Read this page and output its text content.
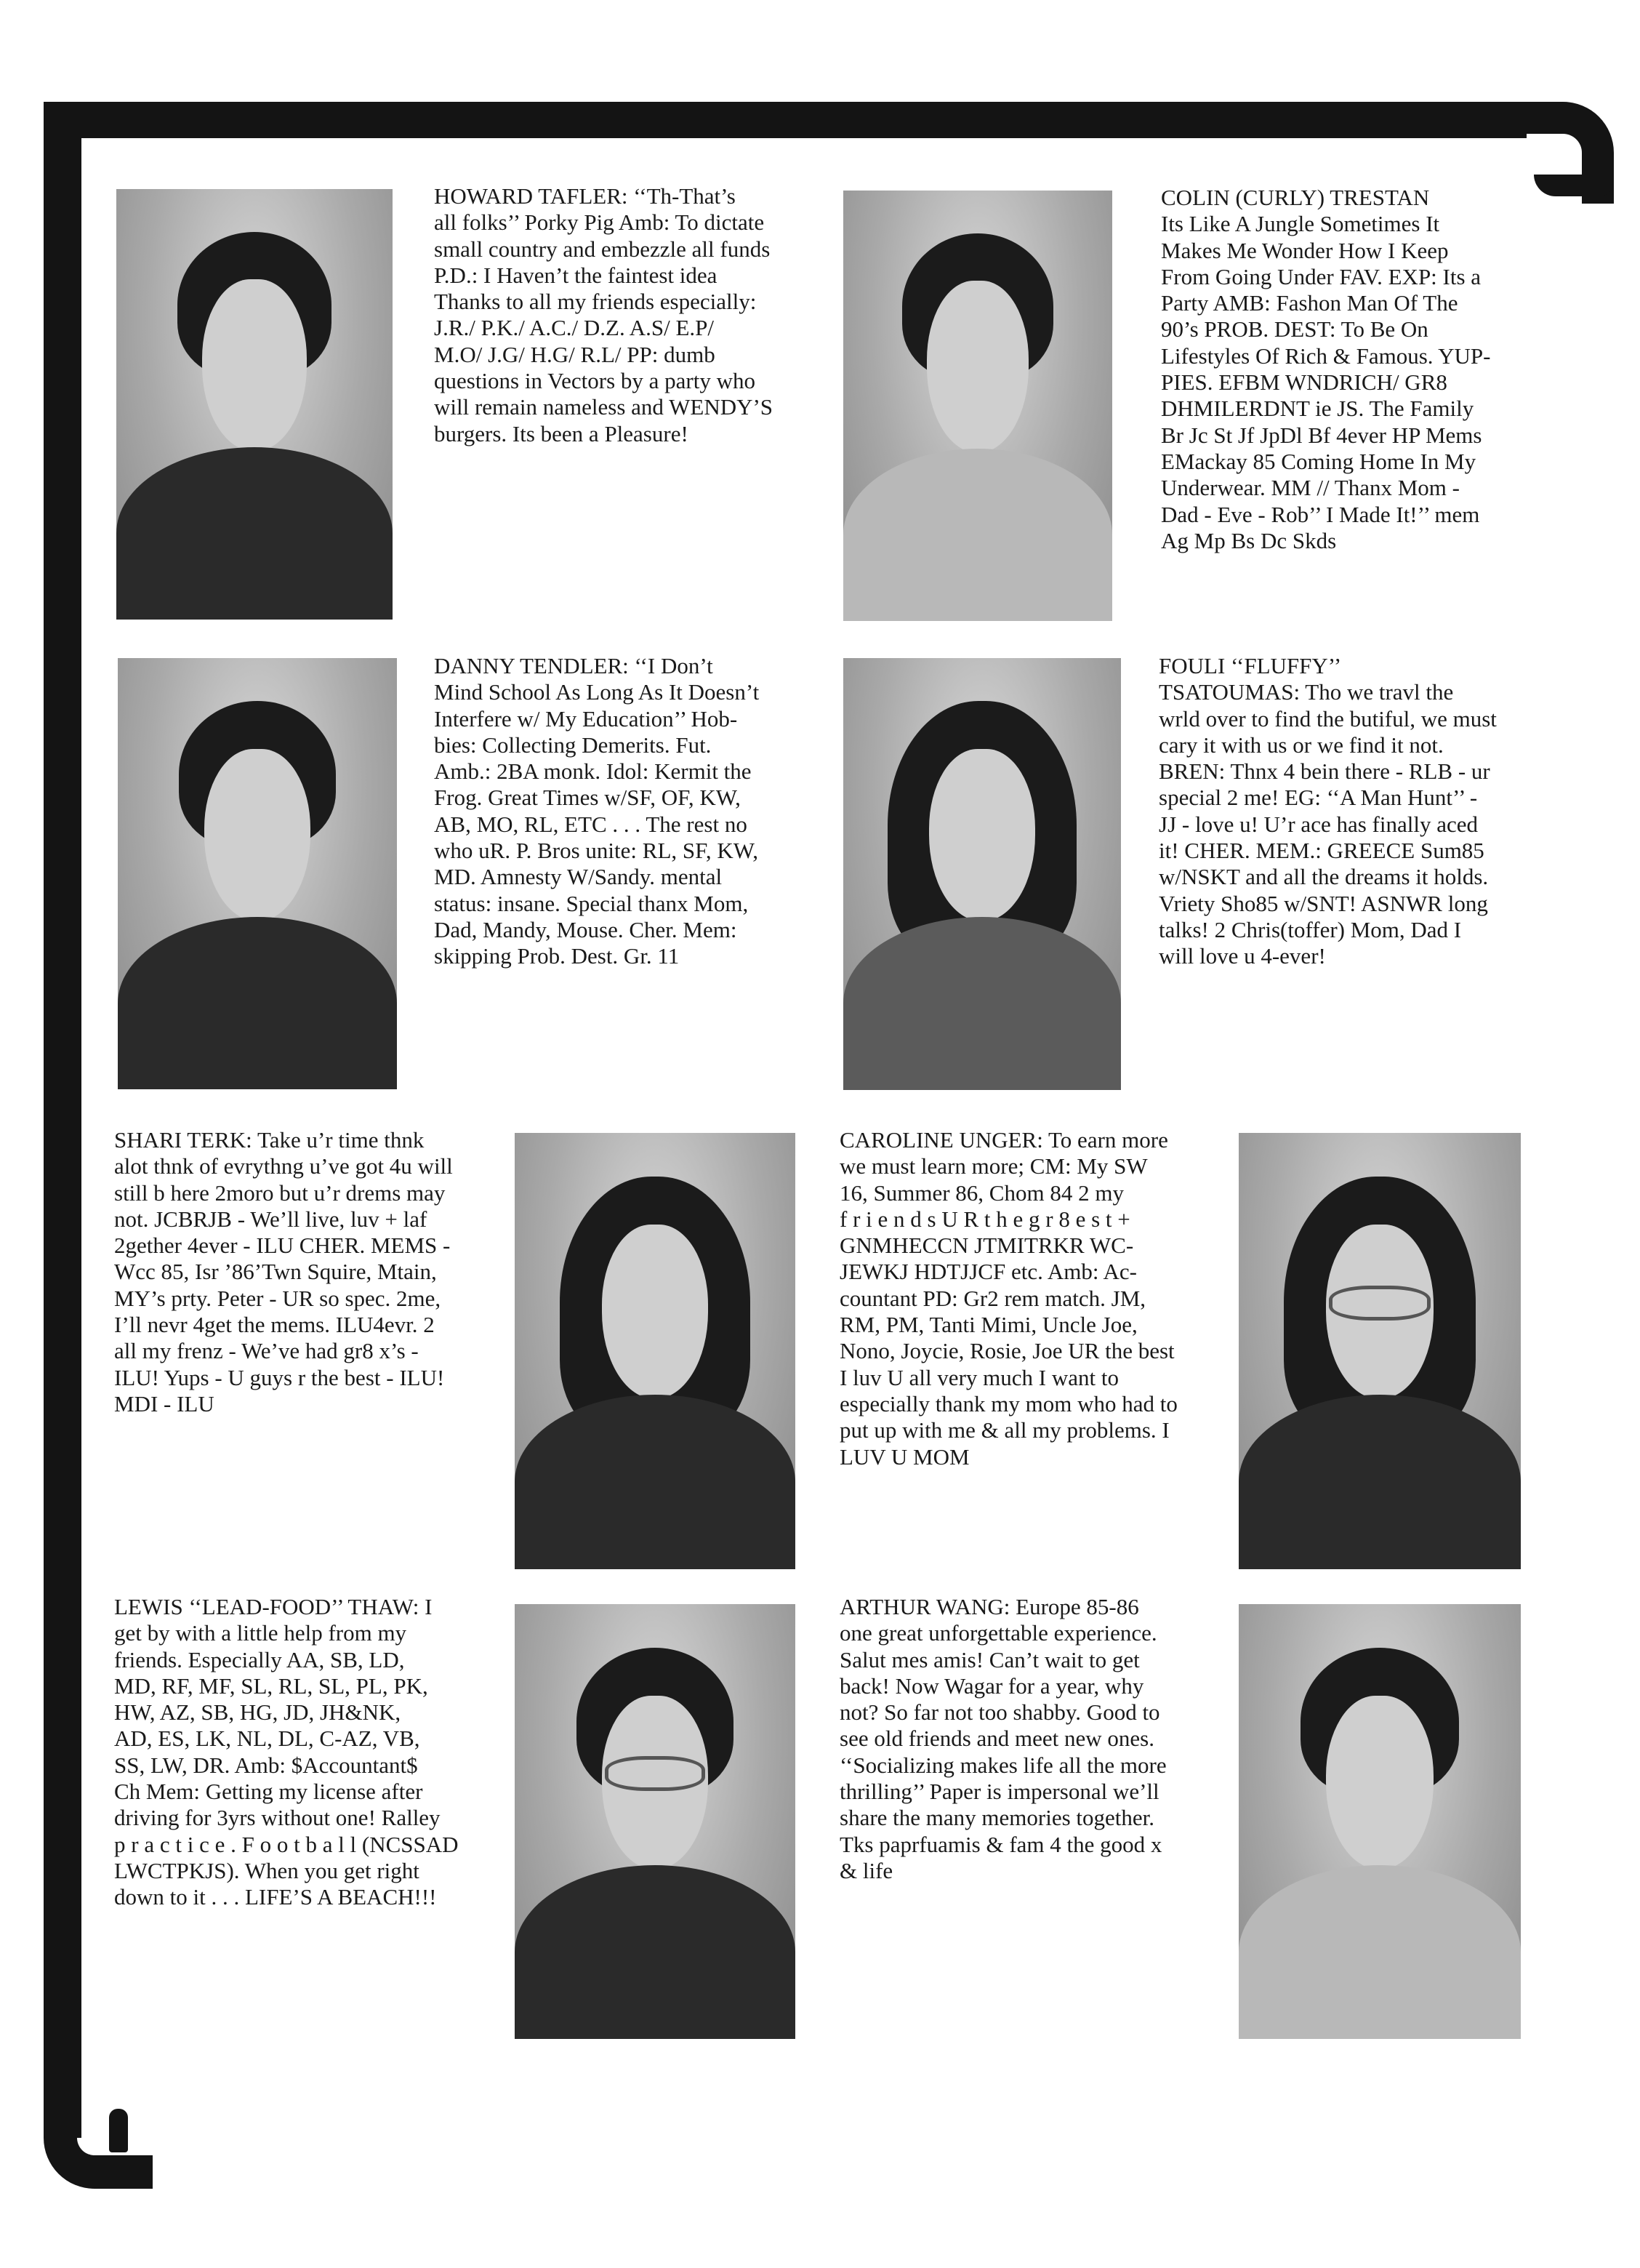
HOWARD TAFLER: ‘‘Th-That’s
all folks’’ Porky Pig Amb: To dictate
small country and embezzle all funds
P.D.: I Haven’t the faintest idea
Thanks to all my friends especially:
J.R./ P.K./ A.C./ D.Z. A.S/ E.P/
M.O/ J.G/ H.G/ R.L/ PP: dumb
questions in Vectors by a party who
will remain nameless and WENDY’S
burgers. Its been a Pleasure!

COLIN (CURLY) TRESTAN
Its Like A Jungle Sometimes It
Makes Me Wonder How I Keep
From Going Under FAV. EXP: Its a
Party AMB: Fashon Man Of The
90’s PROB. DEST: To Be On
Lifestyles Of Rich & Famous. YUP-
PIES. EFBM WNDRICH/ GR8
DHMILERDNT ie JS. The Family
Br Jc St Jf JpDl Bf 4ever HP Mems
EMackay 85 Coming Home In My
Underwear. MM // Thanx Mom -
Dad - Eve - Rob’’ I Made It!’’ mem
Ag Mp Bs Dc Skds

DANNY TENDLER: ‘‘I Don’t
Mind School As Long As It Doesn’t
Interfere w/ My Education’’ Hob-
bies: Collecting Demerits. Fut.
Amb.: 2BA monk. Idol: Kermit the
Frog. Great Times w/SF, OF, KW,
AB, MO, RL, ETC . . . The rest no
who uR. P. Bros unite: RL, SF, KW,
MD. Amnesty W/Sandy. mental
status: insane. Special thanx Mom,
Dad, Mandy, Mouse. Cher. Mem:
skipping Prob. Dest. Gr. 11

FOULI ‘‘FLUFFY’’
TSATOUMAS: Tho we travl the
wrld over to find the butiful, we must
cary it with us or we find it not.
BREN: Thnx 4 bein there - RLB - ur
special 2 me! EG: ‘‘A Man Hunt’’ -
JJ - love u! U’r ace has finally aced
it! CHER. MEM.: GREECE Sum85
w/NSKT and all the dreams it holds.
Vriety Sho85 w/SNT! ASNWR long
talks! 2 Chris(toffer) Mom, Dad I
will love u 4-ever!

SHARI TERK: Take u’r time thnk
alot thnk of evrythng u’ve got 4u will
still b here 2moro but u’r drems may
not. JCBRJB - We’ll live, luv + laf
2gether 4ever - ILU CHER. MEMS -
Wcc 85, Isr ’86’Twn Squire, Mtain,
MY’s prty. Peter - UR so spec. 2me,
I’ll nevr 4get the mems. ILU4evr. 2
all my frenz - We’ve had gr8 x’s -
ILU! Yups - U guys r the best - ILU!
MDI - ILU

CAROLINE UNGER: To earn more
we must learn more; CM: My SW
16, Summer 86, Chom 84 2 my
f r i e n d s U R t h e g r 8 e s t +
GNMHECCN JTMITRKR WC-
JEWKJ HDTJJCF etc. Amb: Ac-
countant PD: Gr2 rem match. JM,
RM, PM, Tanti Mimi, Uncle Joe,
Nono, Joycie, Rosie, Joe UR the best
I luv U all very much I want to
especially thank my mom who had to
put up with me & all my problems. I
LUV U MOM

LEWIS ‘‘LEAD-FOOD’’ THAW: I
get by with a little help from my
friends. Especially AA, SB, LD,
MD, RF, MF, SL, RL, SL, PL, PK,
HW, AZ, SB, HG, JD, JH&NK,
AD, ES, LK, NL, DL, C-AZ, VB,
SS, LW, DR. Amb: $Accountant$
Ch Mem: Getting my license after
driving for 3yrs without one! Ralley
p r a c t i c e . F o o t b a l l (NCSSAD
LWCTPKJS). When you get right
down to it . . . LIFE’S A BEACH!!!

ARTHUR WANG: Europe 85-86
one great unforgettable experience.
Salut mes amis! Can’t wait to get
back! Now Wagar for a year, why
not? So far not too shabby. Good to
see old friends and meet new ones.
‘‘Socializing makes life all the more
thrilling’’ Paper is impersonal we’ll
share the many memories together.
Tks paprfuamis & fam 4 the good x
& life
